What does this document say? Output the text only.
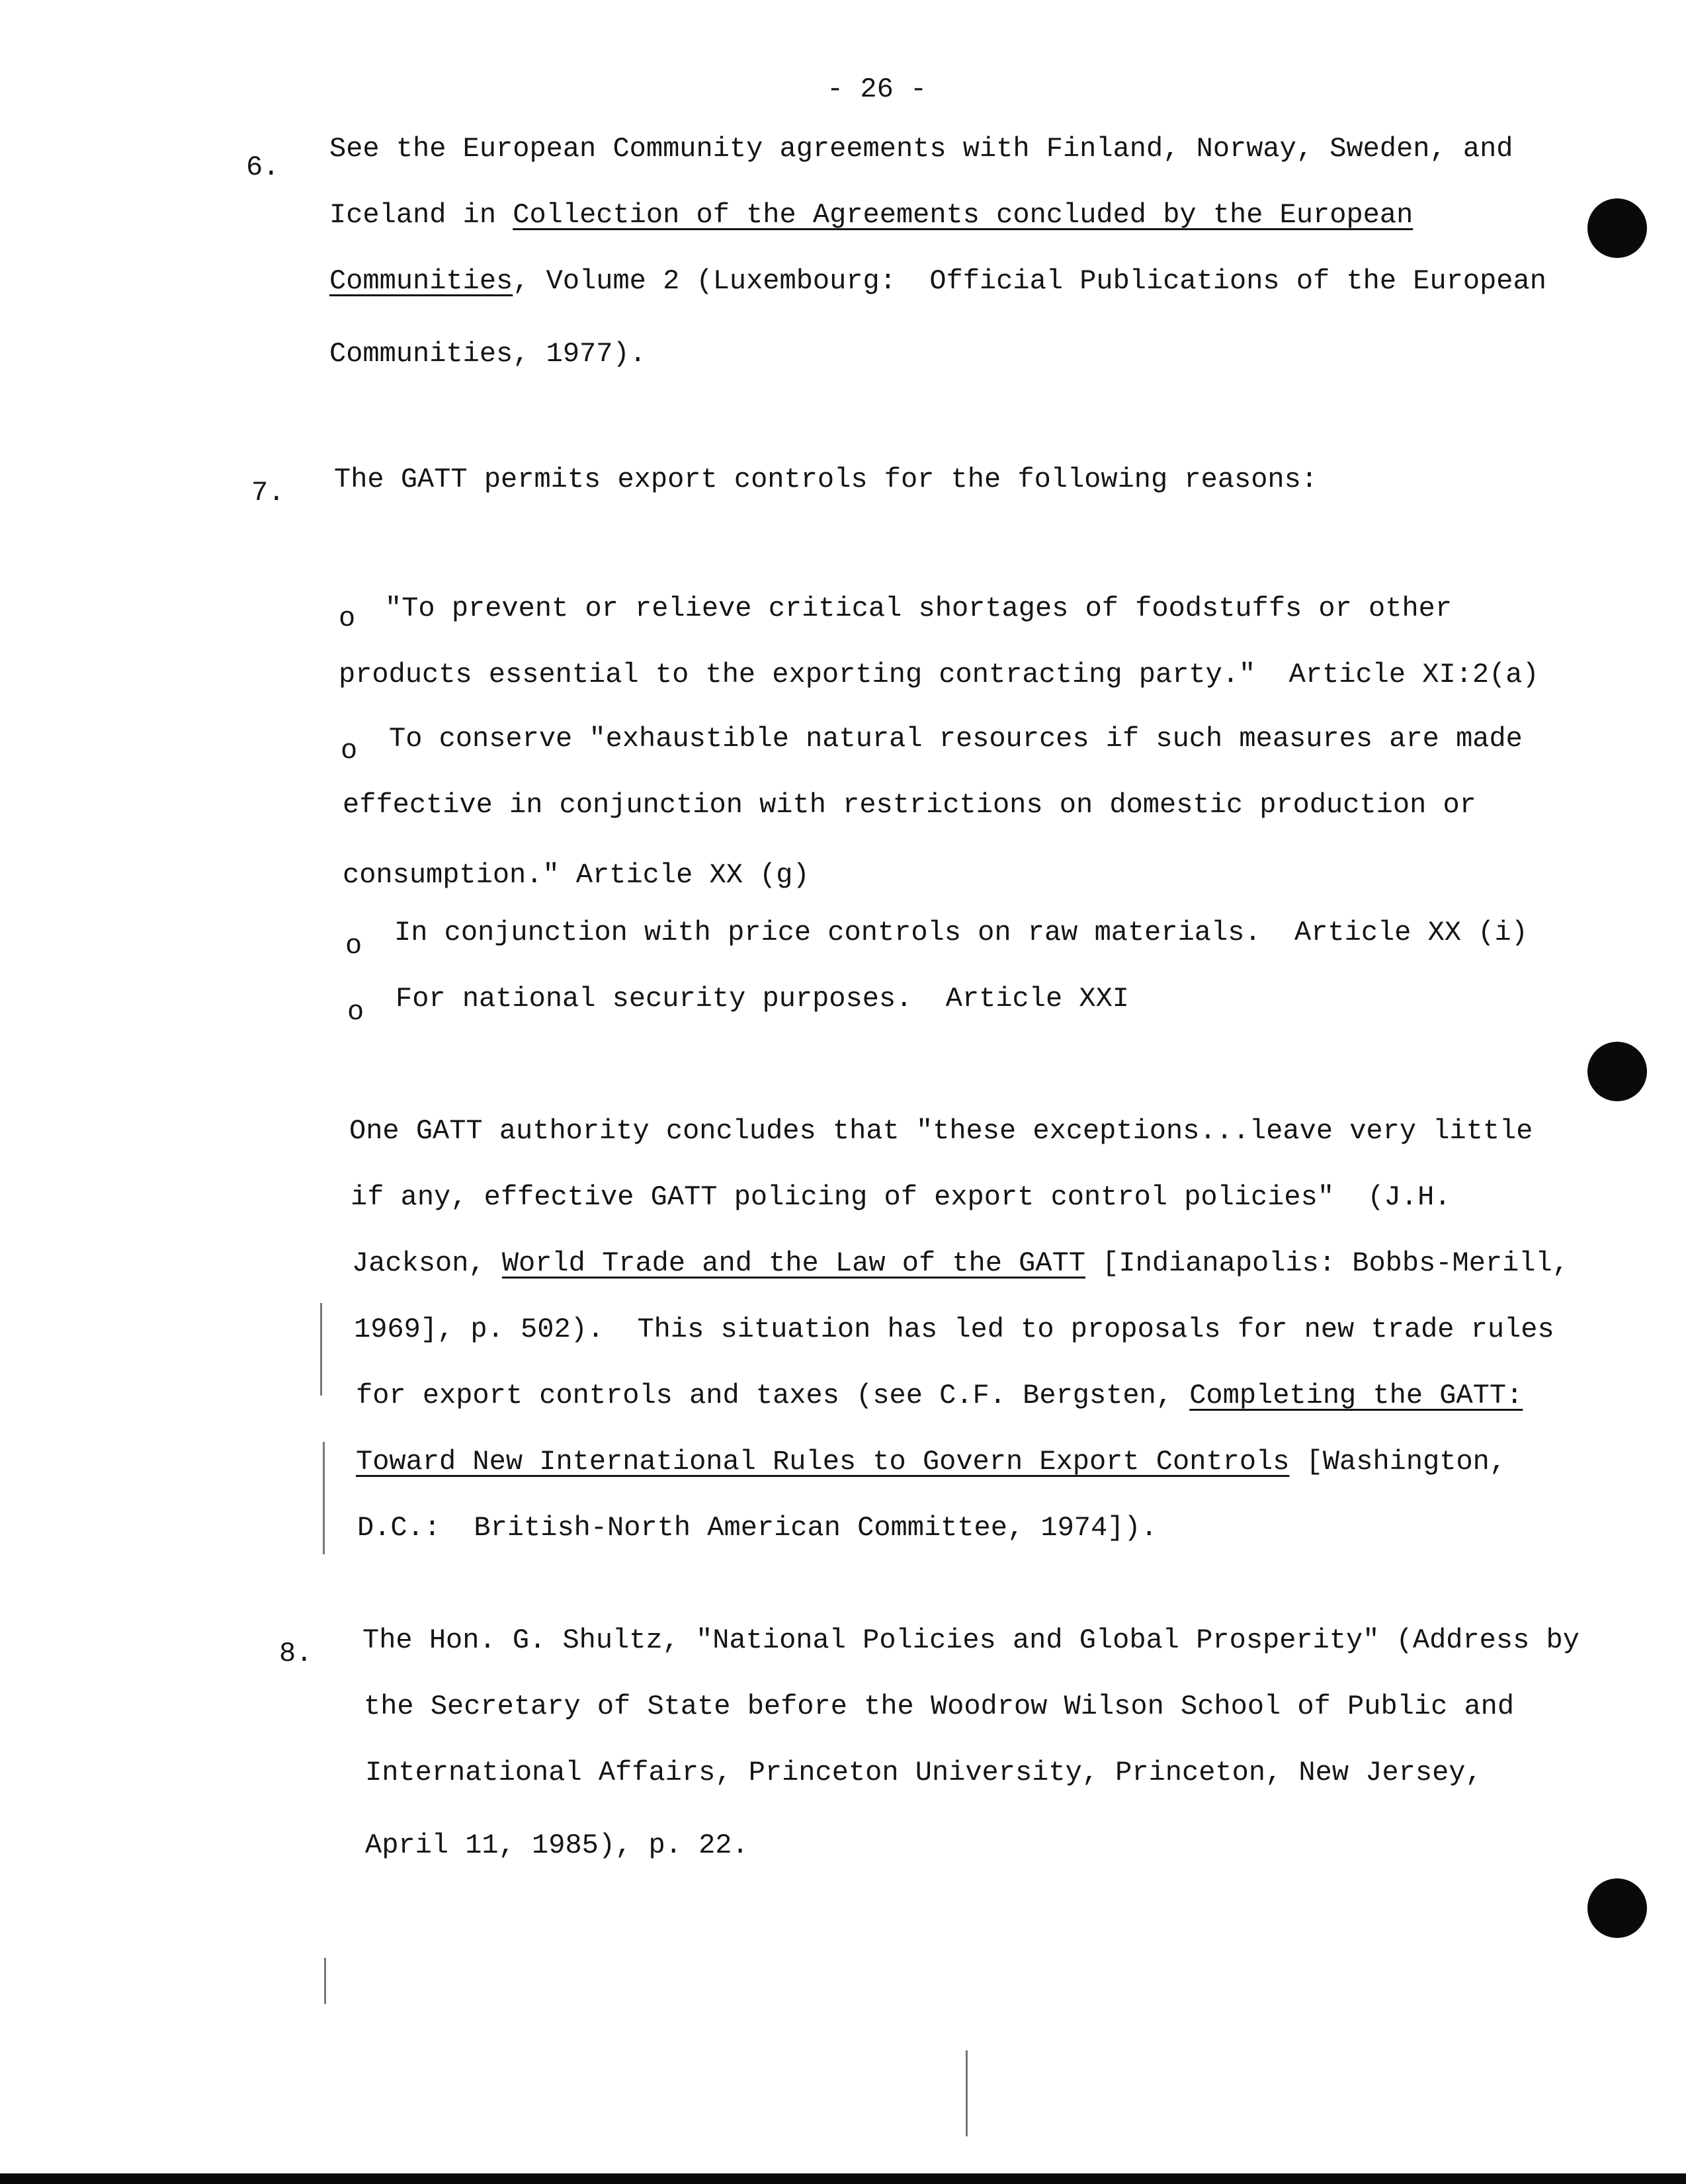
- 26 -
6.
See the European Community agreements with Finland, Norway, Sweden, and
Iceland in Collection of the Agreements concluded by the European
Communities, Volume 2 (Luxembourg:  Official Publications of the European
Communities, 1977).
7. The GATT permits export controls for the following reasons:
o "To prevent or relieve critical shortages of foodstuffs or other
products essential to the exporting contracting party."  Article XI:2(a)
o To conserve "exhaustible natural resources if such measures are made
effective in conjunction with restrictions on domestic production or
consumption." Article XX (g)
o In conjunction with price controls on raw materials.  Article XX (i)
o For national security purposes.  Article XXI
One GATT authority concludes that "these exceptions...leave very little
if any, effective GATT policing of export control policies"  (J.H.
Jackson, World Trade and the Law of the GATT [Indianapolis: Bobbs-Merill,
1969], p. 502).  This situation has led to proposals for new trade rules
for export controls and taxes (see C.F. Bergsten, Completing the GATT:
Toward New International Rules to Govern Export Controls [Washington,
D.C.:  British-North American Committee, 1974]).
8. The Hon. G. Shultz, "National Policies and Global Prosperity" (Address by
the Secretary of State before the Woodrow Wilson School of Public and
International Affairs, Princeton University, Princeton, New Jersey,
April 11, 1985), p. 22.
